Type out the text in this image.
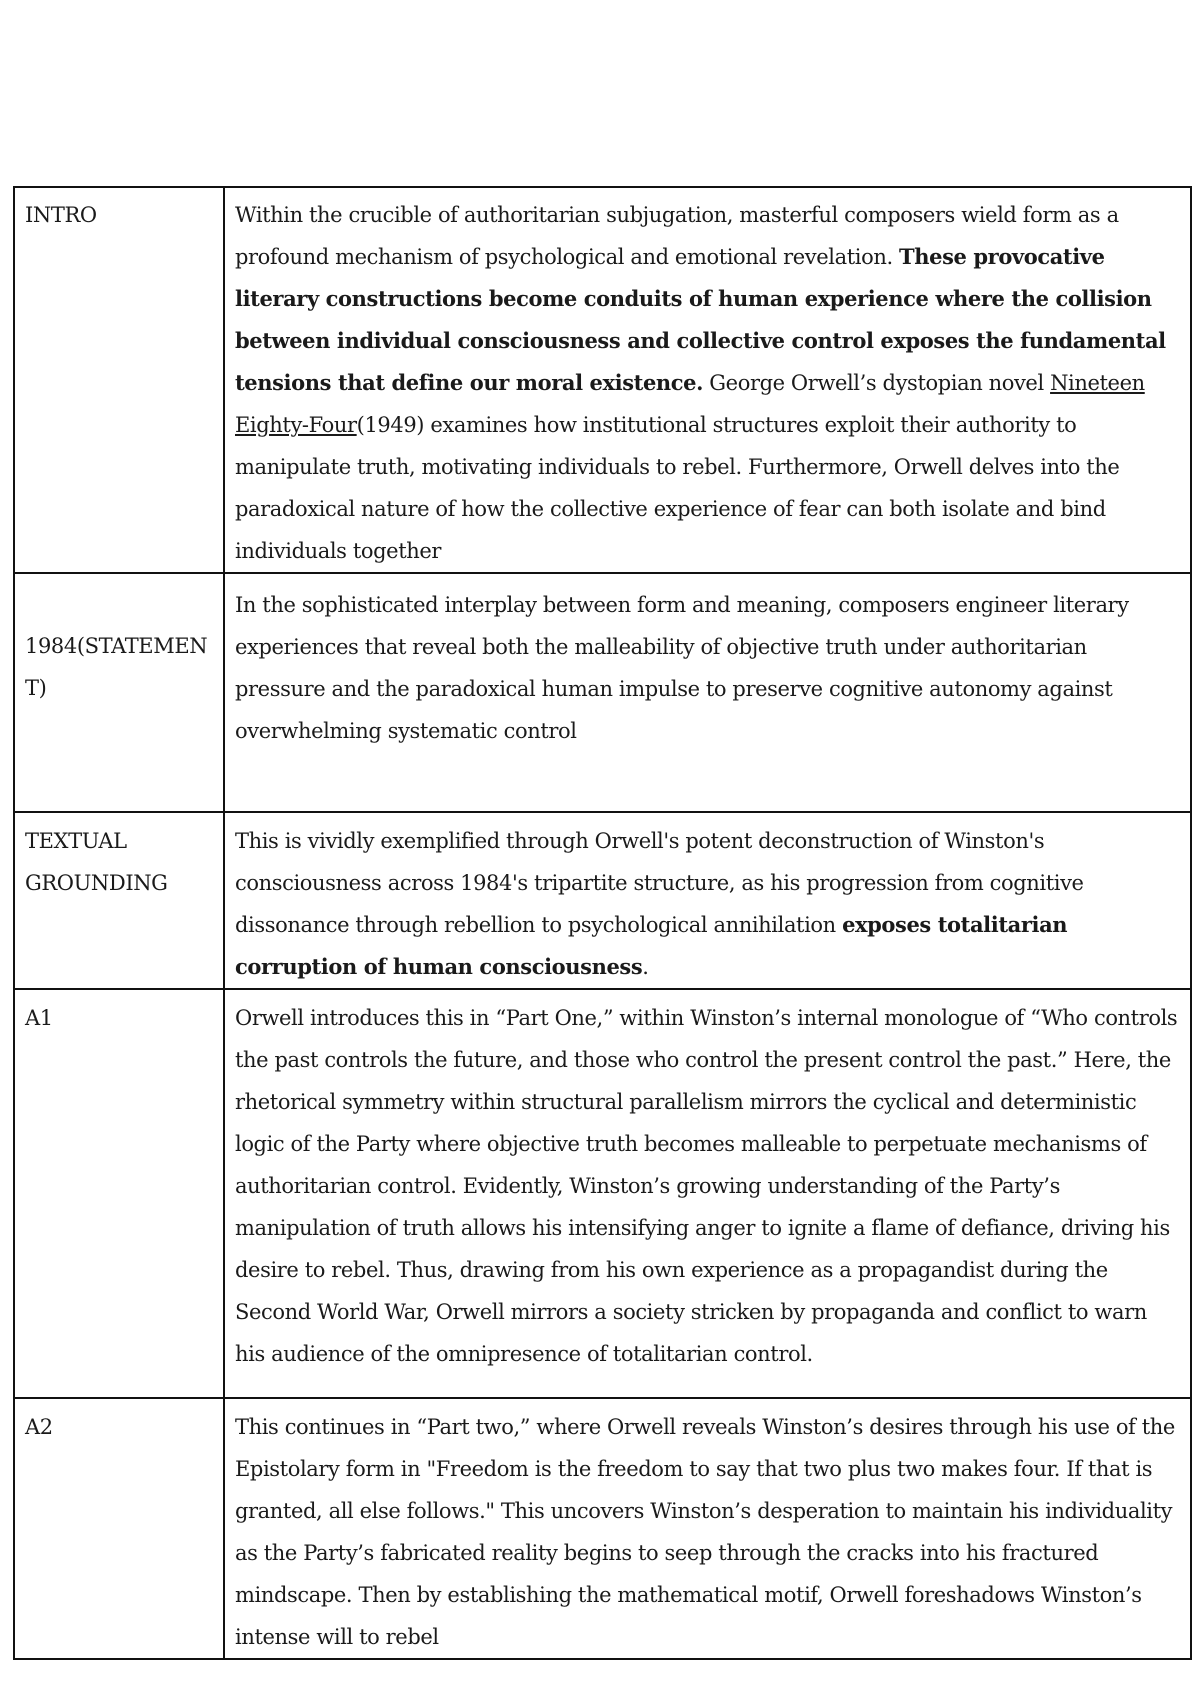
INTRO	Within the crucible of authoritarian subjugation, masterful composers wield form as a profound mechanism of psychological and emotional revelation. These provocative literary constructions become conduits of human experience where the collision between individual consciousness and collective control exposes the fundamental tensions that define our moral existence. George Orwell’s dystopian novel Nineteen Eighty-Four(1949) examines how institutional structures exploit their authority to manipulate truth, motivating individuals to rebel. Furthermore, Orwell delves into the paradoxical nature of how the collective experience of fear can both isolate and bind individuals together
1984(STATEMENT)	In the sophisticated interplay between form and meaning, composers engineer literary experiences that reveal both the malleability of objective truth under authoritarian pressure and the paradoxical human impulse to preserve cognitive autonomy against overwhelming systematic control
TEXTUAL GROUNDING	This is vividly exemplified through Orwell's potent deconstruction of Winston's consciousness across 1984's tripartite structure, as his progression from cognitive dissonance through rebellion to psychological annihilation exposes totalitarian corruption of human consciousness.
A1	Orwell introduces this in “Part One,” within Winston’s internal monologue of “Who controls the past controls the future, and those who control the present control the past.” Here, the rhetorical symmetry within structural parallelism mirrors the cyclical and deterministic logic of the Party where objective truth becomes malleable to perpetuate mechanisms of authoritarian control. Evidently, Winston’s growing understanding of the Party’s manipulation of truth allows his intensifying anger to ignite a flame of defiance, driving his desire to rebel. Thus, drawing from his own experience as a propagandist during the Second World War, Orwell mirrors a society stricken by propaganda and conflict to warn his audience of the omnipresence of totalitarian control.
A2	This continues in “Part two,” where Orwell reveals Winston’s desires through his use of the Epistolary form in "Freedom is the freedom to say that two plus two makes four. If that is granted, all else follows." This uncovers Winston’s desperation to maintain his individuality as the Party’s fabricated reality begins to seep through the cracks into his fractured mindscape. Then by establishing the mathematical motif, Orwell foreshadows Winston’s intense will to rebel
